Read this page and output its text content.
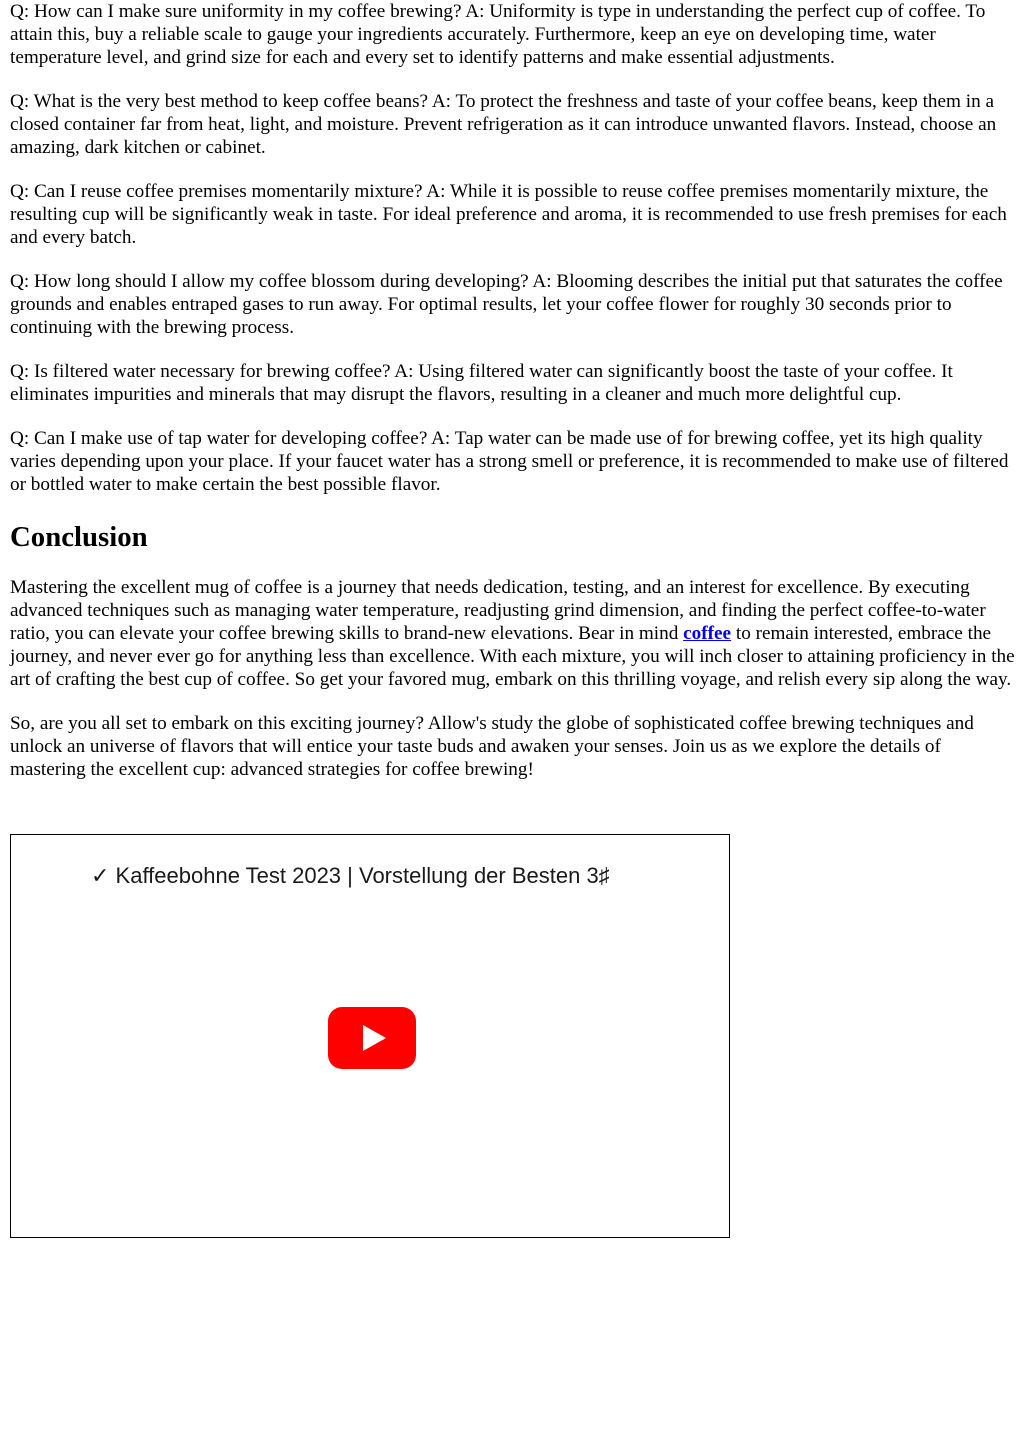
Q: How can I make sure uniformity in my coffee brewing? A: Uniformity is type in understanding the perfect cup of coffee. To attain this, buy a reliable scale to gauge your ingredients accurately. Furthermore, keep an eye on developing time, water temperature level, and grind size for each and every set to identify patterns and make essential adjustments.

Q: What is the very best method to keep coffee beans? A: To protect the freshness and taste of your coffee beans, keep them in a closed container far from heat, light, and moisture. Prevent refrigeration as it can introduce unwanted flavors. Instead, choose an amazing, dark kitchen or cabinet.

Q: Can I reuse coffee premises momentarily mixture? A: While it is possible to reuse coffee premises momentarily mixture, the resulting cup will be significantly weak in taste. For ideal preference and aroma, it is recommended to use fresh premises for each and every batch.

Q: How long should I allow my coffee blossom during developing? A: Blooming describes the initial put that saturates the coffee grounds and enables entraped gases to run away. For optimal results, let your coffee flower for roughly 30 seconds prior to continuing with the brewing process.

Q: Is filtered water necessary for brewing coffee? A: Using filtered water can significantly boost the taste of your coffee. It eliminates impurities and minerals that may disrupt the flavors, resulting in a cleaner and much more delightful cup.

Q: Can I make use of tap water for developing coffee? A: Tap water can be made use of for brewing coffee, yet its high quality varies depending upon your place. If your faucet water has a strong smell or preference, it is recommended to make use of filtered or bottled water to make certain the best possible flavor.

Conclusion

Mastering the excellent mug of coffee is a journey that needs dedication, testing, and an interest for excellence. By executing advanced techniques such as managing water temperature, readjusting grind dimension, and finding the perfect coffee-to-water ratio, you can elevate your coffee brewing skills to brand-new elevations. Bear in mind coffee to remain interested, embrace the journey, and never ever go for anything less than excellence. With each mixture, you will inch closer to attaining proficiency in the art of crafting the best cup of coffee. So get your favored mug, embark on this thrilling voyage, and relish every sip along the way.

So, are you all set to embark on this exciting journey? Allow's study the globe of sophisticated coffee brewing techniques and unlock an universe of flavors that will entice your taste buds and awaken your senses. Join us as we explore the details of mastering the excellent cup: advanced strategies for coffee brewing!

✓ Kaffeebohne Test 2023 | Vorstellung der Besten 3♯
